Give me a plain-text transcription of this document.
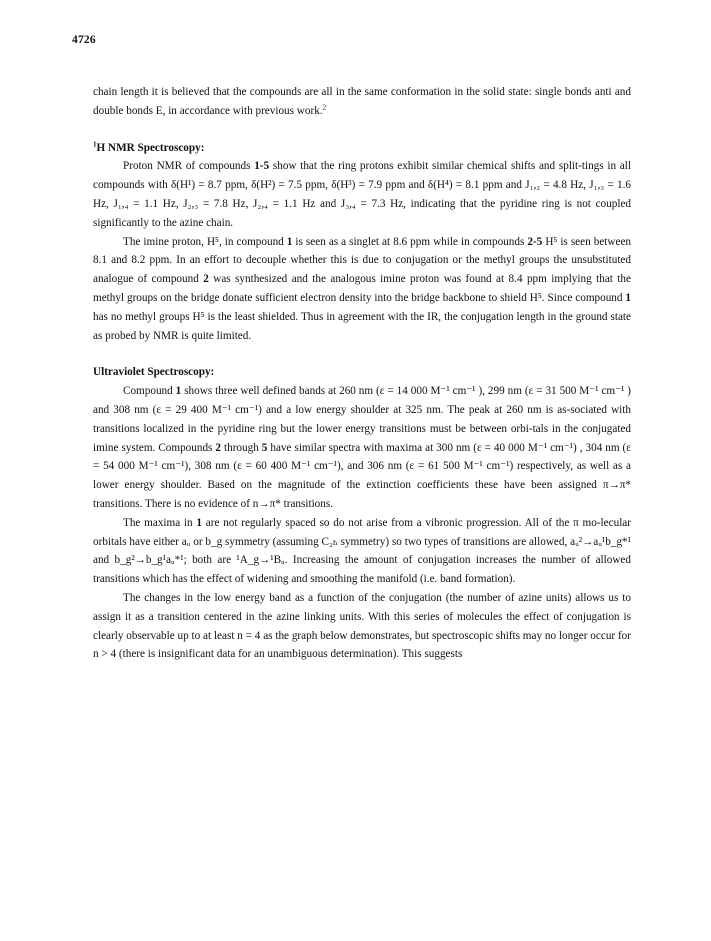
4726

chain length it is believed that the compounds are all in the same conformation in the solid state: single bonds anti and double bonds E, in accordance with previous work.$^2$

$^1$H NMR Spectroscopy:

Proton NMR of compounds 1-5 show that the ring protons exhibit similar chemical shifts and split-tings in all compounds with δ(H¹) = 8.7 ppm, δ(H²) = 7.5 ppm, δ(H³) = 7.9 ppm and δ(H⁴) = 8.1 ppm and J₁,₂ = 4.8 Hz, J₁,₃ = 1.6 Hz, J₁,₄ = 1.1 Hz, J₂,₃ = 7.8 Hz, J₂,₄ = 1.1 Hz and J₃,₄ = 7.3 Hz, indicating that the pyridine ring is not coupled significantly to the azine chain.

The imine proton, H⁵, in compound 1 is seen as a singlet at 8.6 ppm while in compounds 2-5 H⁵ is seen between 8.1 and 8.2 ppm. In an effort to decouple whether this is due to conjugation or the methyl groups the unsubstituted analogue of compound 2 was synthesized and the analogous imine proton was found at 8.4 ppm implying that the methyl groups on the bridge donate sufficient electron density into the bridge backbone to shield H⁵. Since compound 1 has no methyl groups H⁵ is the least shielded. Thus in agreement with the IR, the conjugation length in the ground state as probed by NMR is quite limited.

Ultraviolet Spectroscopy:

Compound 1 shows three well defined bands at 260 nm (ε = 14 000 M⁻¹ cm⁻¹ ), 299 nm (ε = 31 500 M⁻¹ cm⁻¹ ) and 308 nm (ε = 29 400 M⁻¹ cm⁻¹) and a low energy shoulder at 325 nm. The peak at 260 nm is as-sociated with transitions localized in the pyridine ring but the lower energy transitions must be between orbi-tals in the conjugated imine system. Compounds 2 through 5 have similar spectra with maxima at 300 nm (ε = 40 000 M⁻¹ cm⁻¹) , 304 nm (ε = 54 000 M⁻¹ cm⁻¹), 308 nm (ε = 60 400 M⁻¹ cm⁻¹), and 306 nm (ε = 61 500 M⁻¹ cm⁻¹) respectively, as well as a lower energy shoulder. Based on the magnitude of the extinction coefficients these have been assigned π→π* transitions. There is no evidence of n→π* transitions.

The maxima in 1 are not regularly spaced so do not arise from a vibronic progression. All of the π mo-lecular orbitals have either aᵤ or b_g symmetry (assuming C₂ₕ symmetry) so two types of transitions are allowed, aᵤ²→aᵤ¹b_g*¹ and b_g²→b_g¹aᵤ*¹; both are ¹A_g→¹Bᵤ. Increasing the amount of conjugation increases the number of allowed transitions which has the effect of widening and smoothing the manifold (i.e. band formation).

The changes in the low energy band as a function of the conjugation (the number of azine units) allows us to assign it as a transition centered in the azine linking units. With this series of molecules the effect of conjugation is clearly observable up to at least n = 4 as the graph below demonstrates, but spectroscopic shifts may no longer occur for n > 4 (there is insignificant data for an unambiguous determination). This suggests
